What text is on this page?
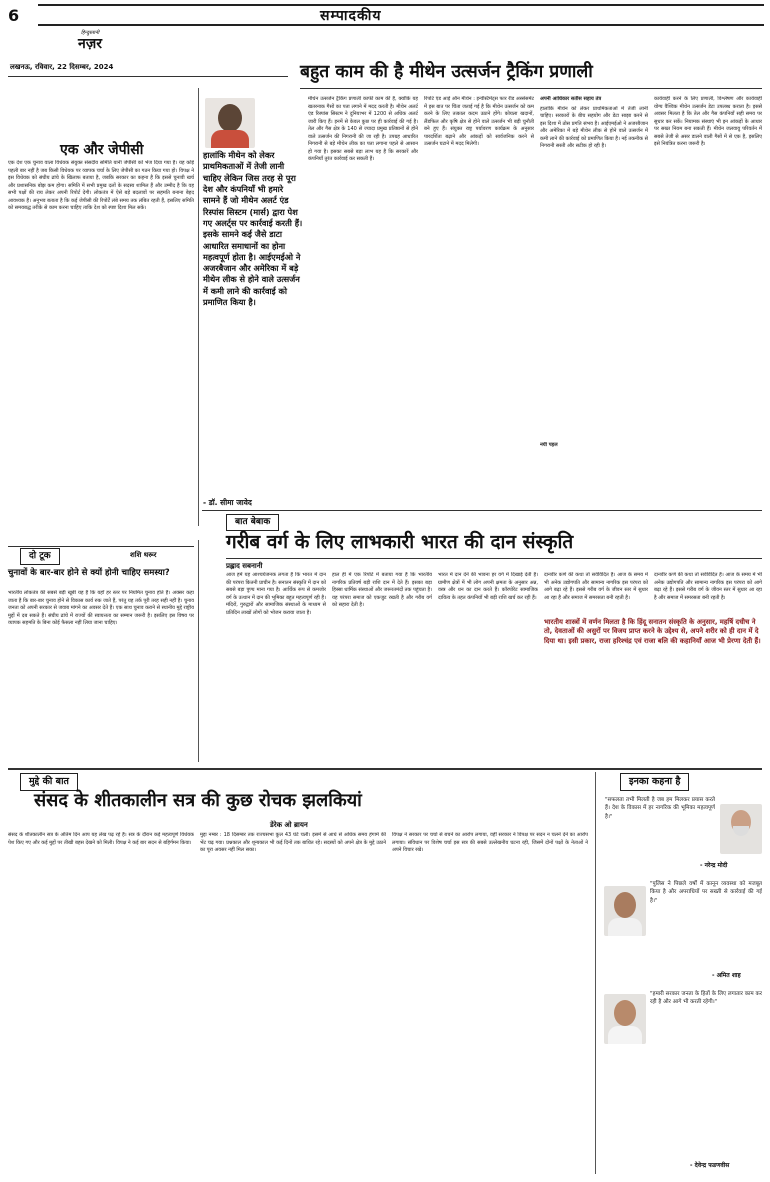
6	सम्पादकीय
हिन्दुस्तानी
नज़र
लखनऊ, रविवार, 22 दिसम्बर, 2024	बहुत काम की है मीथेन उत्सर्जन ट्रैकिंग प्रणाली
हालांकि मीथेन को लेकर प्राथमिकताओं में तेजी लानी चाहिए लेकिन जिस तरह से पूरा देश और कंपनियाँ भी हमारे सामने हैं जो मीथेन अलर्ट एंड रिस्पांस सिस्टम (मार्स) द्वारा पेश गए अलर्ट्स पर कार्रवाई करती हैं। इसके सामने कई जैसे डाटा आधारित समाधानों का होना महत्वपूर्ण होता है। आईएमईओ ने अजरबैजान और अमेरिका में बड़े मीथेन लीक से होने वाले उत्सर्जन में कमी लाने की कार्रवाई को प्रमाणित किया है।
- डॉ. सीमा जावेद
मीथेन उत्सर्जन ट्रैकिंग प्रणाली काफी काम की है, क्योंकि यह खतरनाक गैसों का पता लगाने में मदद करती है। मीथेन अलर्ट एंड रिस्पांस सिस्टम ने दुनियाभर में 1200 से अधिक अलर्ट जारी किए हैं। इनमें से केवल कुछ पर ही कार्रवाई की गई है। तेल और गैस क्षेत्र के 140 से ज्यादा प्रमुख प्रतिष्ठानों से होने वाले उत्सर्जन की निगरानी की जा रही है। उपग्रह आधारित निगरानी से बड़े मीथेन लीक का पता लगाना पहले से आसान हो गया है। इसका सबसे बड़ा लाभ यह है कि सरकारें और कंपनियाँ तुरंत कार्रवाई कर सकती हैं।
रिपोर्ट एंड आई ऑन मीथेन : इन्वेस्टिमेंट्स फार रीड अस्सेसमेंट में इस बात पर चिंता जताई गई है कि मीथेन उत्सर्जन को कम करने के लिए तत्काल कदम उठाने होंगे। कोयला खदानों, लैंडफिल और कृषि क्षेत्र से होने वाले उत्सर्जन भी बड़ी चुनौती बने हुए हैं। संयुक्त राष्ट्र पर्यावरण कार्यक्रम के अनुसार पारदर्शिता बढ़ाने और आंकड़ों को सार्वजनिक करने से उत्सर्जन घटाने में मदद मिलेगी।
अपनी आधिकार सतीस सहाय तंत्र
हालांकि मीथेन को लेकर प्राथमिकताओं में तेजी लानी चाहिए। सरकारों के बीच सहयोग और डेटा साझा करने से इस दिशा में ठोस प्रगति संभव है। आईएमईओ ने अजरबैजान और अमेरिका में बड़े मीथेन लीक से होने वाले उत्सर्जन में कमी लाने की कार्रवाई को प्रमाणित किया है। नई तकनीक से निगरानी सस्ती और सटीक हो रही है।
नयी पहल
कार्यवाही करने के लिए प्रणाली, विश्लेषण और कार्यवाही योग्य वैश्विक मीथेन उत्सर्जन डेटा उपलब्ध कराता है। इससे अवसर मिलता है कि तेल और गैस कंपनियाँ सही समय पर सुधार कर सकें। नियामक संस्थाएं भी इन आंकड़ों के आधार पर सख्त नियम बना सकती हैं। मीथेन जलवायु परिवर्तन में सबसे तेजी से असर डालने वाली गैसों में से एक है, इसलिए इसे नियंत्रित करना जरूरी है।
एक और जेपीसी
एक देश एक चुनाव वाला विधेयक संयुक्त संसदीय समिति यानी जेपीसी को भेज दिया गया है। यह कोई पहली बार नहीं है जब किसी विधेयक पर व्यापक चर्चा के लिए जेपीसी का गठन किया गया हो। विपक्ष ने इस विधेयक को संघीय ढांचे के खिलाफ बताया है, जबकि सरकार का कहना है कि इससे चुनावी खर्च और प्रशासनिक बोझ कम होगा। समिति में सभी प्रमुख दलों के सदस्य शामिल हैं और उम्मीद है कि वह सभी पक्षों की राय लेकर अपनी रिपोर्ट देगी। लोकतंत्र में ऐसे बड़े बदलावों पर सहमति बनाना बेहद आवश्यक है। अनुभव बताता है कि कई जेपीसी की रिपोर्टें लंबे समय तक लंबित रहती हैं, इसलिए समिति को समयबद्ध तरीके से काम करना चाहिए ताकि देश को स्पष्ट दिशा मिल सके।
बात बेबाक
गरीब वर्ग के लिए लाभकारी भारत की दान संस्कृति
प्रह्लाद सबनानी
आज हमें यह आश्चर्यजनक लगता है कि भारत में दान की परंपरा कितनी प्राचीन है। सनातन संस्कृति में दान को सबसे बड़ा पुण्य माना गया है। आर्थिक रूप से कमजोर वर्ग के उत्थान में दान की भूमिका बहुत महत्वपूर्ण रही है। मंदिरों, गुरुद्वारों और सामाजिक संस्थाओं के माध्यम से प्रतिदिन लाखों लोगों को भोजन कराया जाता है।
हाल ही में एक रिपोर्ट में बताया गया है कि भारतीय नागरिक प्रतिवर्ष बड़ी राशि दान में देते हैं। इसका बड़ा हिस्सा धार्मिक संस्थाओं और जरूरतमंदों तक पहुंचता है। यह परंपरा समाज को एकजुट रखती है और गरीब वर्ग को सहारा देती है।
भारत में दान देने की भावना हर वर्ग में दिखाई देती है। ग्रामीण क्षेत्रों में भी लोग अपनी क्षमता के अनुसार अन्न, वस्त्र और धन का दान करते हैं। कॉरपोरेट सामाजिक दायित्व के तहत कंपनियाँ भी बड़ी राशि खर्च कर रही हैं।
दानवीर कर्ण की कथा तो सर्वविदित है। आज के समय में भी अनेक उद्योगपति और सामान्य नागरिक इस परंपरा को आगे बढ़ा रहे हैं। इससे गरीब वर्ग के जीवन स्तर में सुधार आ रहा है और समाज में समरसता बनी रहती है।
भारतीय शास्त्रों में वर्णन मिलता है कि हिंदू सनातन संस्कृति के अनुसार, महर्षि दधीच ने तो, देवताओं की असुरों पर विजय प्राप्त करने के उद्देश्य से, अपने शरीर को ही दान में दे दिया था। इसी प्रकार, राजा हरिश्चंद्र एवं राजा बलि की कहानियाँ आज भी प्रेरणा देती हैं।
दानवीर कर्ण की कथा तो सर्वविदित है। आज के समय में भी अनेक उद्योगपति और सामान्य नागरिक इस परंपरा को आगे बढ़ा रहे हैं। इससे गरीब वर्ग के जीवन स्तर में सुधार आ रहा है और समाज में समरसता बनी रहती है।
दो टूक	शशि थरूर
चुनावों के बार-बार होने से क्यों होनी चाहिए समस्या?
भारतीय लोकतंत्र की सबसे बड़ी खूबी यह है कि यहाँ हर स्तर पर नियमित चुनाव होते हैं। अक्सर कहा जाता है कि बार-बार चुनाव होने से विकास कार्य रुक जाते हैं, परंतु यह तर्क पूरी तरह सही नहीं है। चुनाव जनता को अपनी सरकार से जवाब मांगने का अवसर देते हैं। एक साथ चुनाव कराने से स्थानीय मुद्दे राष्ट्रीय मुद्दों में दब सकते हैं। संघीय ढांचे में राज्यों की स्वायत्तता का सम्मान जरूरी है। इसलिए इस विषय पर व्यापक सहमति के बिना कोई फैसला नहीं लिया जाना चाहिए।
मुद्दे की बात
संसद के शीतकालीन सत्र की कुछ रोचक झलकियां
डेरेक ओ ब्रायन
संसद के शीतकालीन सत्र के अंतिम दिन आप यह लेख पढ़ रहे हैं। सत्र के दौरान कई महत्वपूर्ण विधेयक पेश किए गए और कई मुद्दों पर तीखी बहस देखने को मिली। विपक्ष ने कई बार सदन से बहिर्गमन किया।
मुद्दा नम्बर : 18 दिसम्बर तक राज्यसभा कुल 43 घंटे चली। इसमें से आधे से अधिक समय हंगामे की भेंट चढ़ गया। प्रश्नकाल और शून्यकाल भी कई दिनों तक बाधित रहे। सदस्यों को अपने क्षेत्र के मुद्दे उठाने का पूरा अवसर नहीं मिल सका।
विपक्ष ने सरकार पर चर्चा से बचने का आरोप लगाया, वहीं सरकार ने विपक्ष पर सदन न चलने देने का आरोप लगाया। संविधान पर विशेष चर्चा इस सत्र की सबसे उल्लेखनीय घटना रही, जिसमें दोनों पक्षों के नेताओं ने अपने विचार रखे।
इनका कहना है
"सफलता तभी मिलती है जब हम मिलकर प्रयास करते हैं। देश के विकास में हर नागरिक की भूमिका महत्वपूर्ण है।"
- नरेन्द्र मोदी
"पुलिस ने पिछले वर्षों में कानून व्यवस्था को मजबूत किया है और अपराधियों पर सख्ती से कार्रवाई की गई है।"
- अमित शाह
"हमारी सरकार जनता के हितों के लिए लगातार काम कर रही है और आगे भी करती रहेगी।"
- देवेन्द्र फडणवीस
